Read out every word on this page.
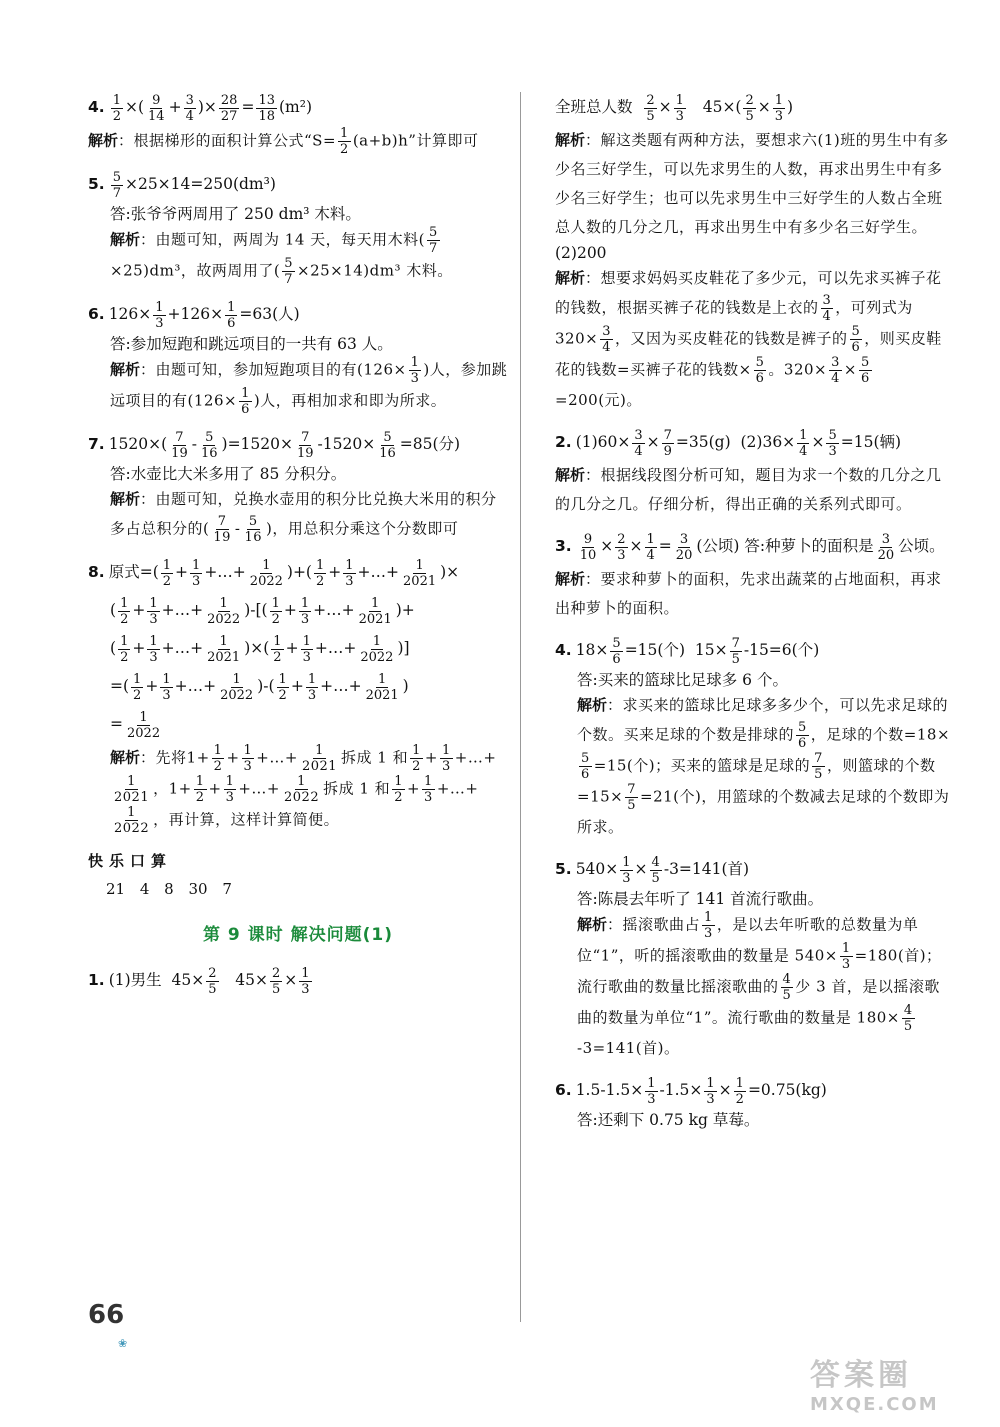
4. $\frac{1}{2}$ ×( $\frac{9}{14} + \frac{3}{4}$ )× $\frac{28}{27} = \frac{13}{18} (m^2)$

解析：根据梯形的面积计算公式“$S= \frac{1}{2} (a+b)h$”计算即可

5. $\frac{5}{7} \times 25\times 14=250(dm^3)$

答:张爷爷两周用了 250 dm³ 木料。

解析：由题可知，两周为 14 天，每天用木料( $\frac{5}{7}$
×25)dm³，故两周用了( $\frac{5}{7} \times 25\times 14)dm^3$ 木料。

6. $126\times \frac{1}{3} +126\times \frac{1}{6} =63$(人)

答:参加短跑和跳远项目的一共有 63 人。

解析：由题可知，参加短跑项目的有($126\times \frac{1}{3}$ )人，参加跳远项目的有($126\times \frac{1}{6}$ )人，再相加求和即为所求。

7. $1520\times( \frac{7}{19} - \frac{5}{16} )=1520\times \frac{7}{19} -1520\times \frac{5}{16} =85$(分)

答:水壶比大米多用了 85 分积分。

解析：由题可知，兑换水壶用的积分比兑换大米用的积分多占总积分的( $\frac{7}{19} - \frac{5}{16}$ )，用总积分乘这个分数即可

8. 原式=( $\frac{1}{2} + \frac{1}{3}$ +…+ $\frac{1}{2022}$ )+( $\frac{1}{2} + \frac{1}{3}$ +…+ $\frac{1}{2021}$ )×

( $\frac{1}{2} + \frac{1}{3}$ +…+ $\frac{1}{2022}$ )-[( $\frac{1}{2} + \frac{1}{3}$ +…+ $\frac{1}{2021}$ )+

( $\frac{1}{2} + \frac{1}{3}$ +…+ $\frac{1}{2021}$ )×( $\frac{1}{2} + \frac{1}{3}$ +…+ $\frac{1}{2022}$ )]

=( $\frac{1}{2} + \frac{1}{3}$ +…+ $\frac{1}{2022}$ )-( $\frac{1}{2} + \frac{1}{3}$ +…+ $\frac{1}{2021}$ )

= $\frac{1}{2022}$

解析：先将$1+ \frac{1}{2} + \frac{1}{3}$ +…+ $\frac{1}{2021}$ 拆成 1 和 $\frac{1}{2} + \frac{1}{3}$ +…+
$\frac{1}{2021}$ ，$1+ \frac{1}{2} + \frac{1}{3}$ +…+ $\frac{1}{2022}$ 拆成 1 和 $\frac{1}{2} + \frac{1}{3}$ +…+
$\frac{1}{2022}$ ，再计算，这样计算简便。

快乐口算

21 4 8 30 7

第 9 课时 解决问题(1)

1. (1)男生  $45\times \frac{2}{5} 45\times \frac{2}{5} \times \frac{1}{3}$

全班总人数 $\frac{2}{5} \times \frac{1}{3} 45\times( \frac{2}{5} \times \frac{1}{3}$ )

解析：解这类题有两种方法，要想求六(1)班的男生中有多少名三好学生，可以先求男生的人数，再求出男生中有多少名三好学生；也可以先求男生中三好学生的人数占全班总人数的几分之几，再求出男生中有多少名三好学生。

(2)200

解析：想要求妈妈买皮鞋花了多少元，可以先求买裤子花的钱数，根据买裤子花的钱数是上衣的 $\frac{3}{4}$ ，可列式为$320\times \frac{3}{4}$ ，又因为买皮鞋花的钱数是裤子的 $\frac{5}{6}$ ，则买皮鞋花的钱数=买裤子花的钱数× $\frac{5}{6}$ 。$320\times \frac{3}{4} \times \frac{5}{6}$
=200(元)。

2. $(1)60\times \frac{3}{4} \times \frac{7}{9} =35(g)$  $(2)36\times \frac{1}{4} \times \frac{5}{3} =15$(辆)

解析：根据线段图分析可知，题目为求一个数的几分之几的几分之几。仔细分析，得出正确的关系列式即可。

3. $\frac{9}{10} \times \frac{2}{3} \times \frac{1}{4} = \frac{3}{20}$ (公顷) 答:种萝卜的面积是 $\frac{3}{20}$ 公顷。

解析：要求种萝卜的面积，先求出蔬菜的占地面积，再求出种萝卜的面积。

4. $18\times \frac{5}{6} =15$(个)  $15\times \frac{7}{5} -15=6$(个)

答:买来的篮球比足球多 6 个。

解析：求买来的篮球比足球多多少个，可以先求足球的个数。买来足球的个数是排球的 $\frac{5}{6}$ ，足球的个数=18×
$\frac{5}{6} =15$(个)；买来的篮球是足球的 $\frac{7}{5}$ ，则篮球的个数$=15\times \frac{7}{5} =21$(个)，用篮球的个数减去足球的个数即为所求。

5. $540\times \frac{1}{3} \times \frac{4}{5} -3=141$(首)

答:陈晨去年听了 141 首流行歌曲。

解析：摇滚歌曲占 $\frac{1}{3}$ ，是以去年听歌的总数量为单位“1”，听的摇滚歌曲的数量是 $540\times \frac{1}{3} =180$(首)；流行歌曲的数量比摇滚歌曲的 $\frac{4}{5}$ 少 3 首，是以摇滚歌曲的数量为单位“1”。流行歌曲的数量是 $180\times \frac{4}{5}$
-3=141(首)。

6. $1.5-1.5\times \frac{1}{3} -1.5\times \frac{1}{3} \times \frac{1}{2} =0.75(kg)$

答:还剩下 0.75 kg 草莓。

66
❀
答案圈
MXQE.COM
